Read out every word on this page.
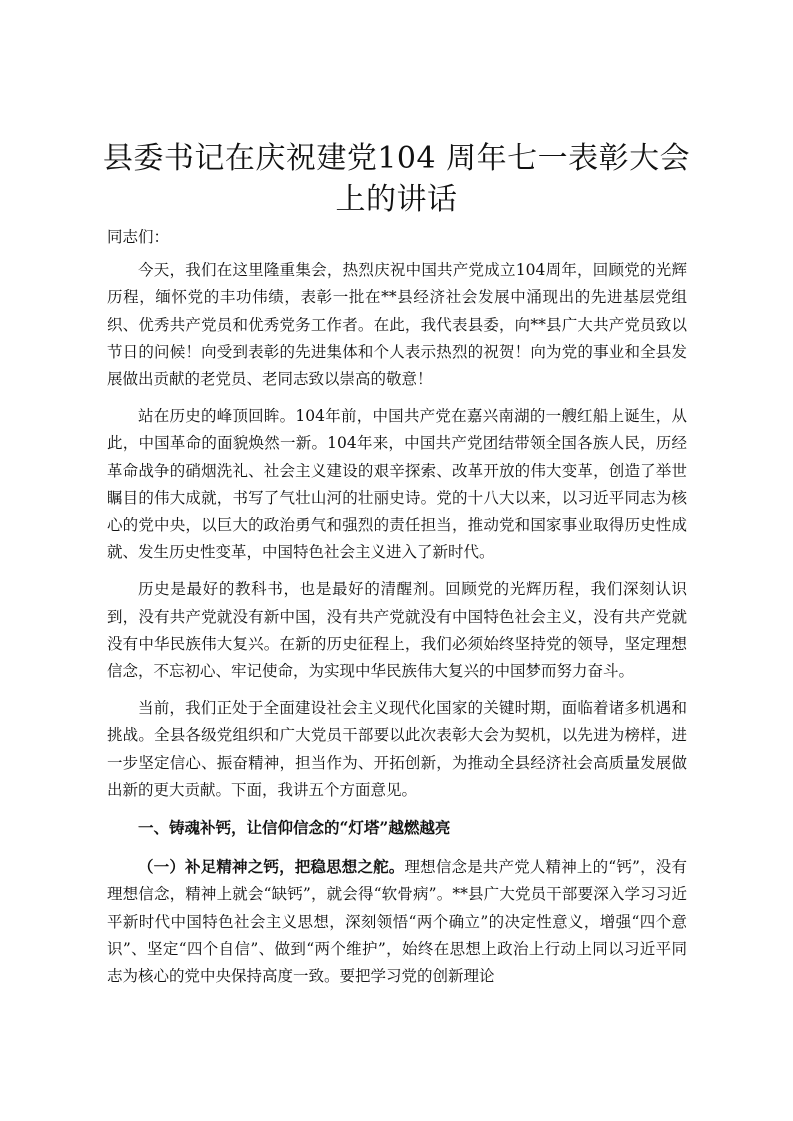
县委书记在庆祝建党104 周年七一表彰大会上的讲话

同志们：

今天，我们在这里隆重集会，热烈庆祝中国共产党成立104周年，回顾党的光辉历程，缅怀党的丰功伟绩，表彰一批在**县经济社会发展中涌现出的先进基层党组织、优秀共产党员和优秀党务工作者。在此，我代表县委，向**县广大共产党员致以节日的问候！向受到表彰的先进集体和个人表示热烈的祝贺！向为党的事业和全县发展做出贡献的老党员、老同志致以崇高的敬意！

站在历史的峰顶回眸。104年前，中国共产党在嘉兴南湖的一艘红船上诞生，从此，中国革命的面貌焕然一新。104年来，中国共产党团结带领全国各族人民，历经革命战争的硝烟洗礼、社会主义建设的艰辛探索、改革开放的伟大变革，创造了举世瞩目的伟大成就，书写了气壮山河的壮丽史诗。党的十八大以来，以习近平同志为核心的党中央，以巨大的政治勇气和强烈的责任担当，推动党和国家事业取得历史性成就、发生历史性变革，中国特色社会主义进入了新时代。

历史是最好的教科书，也是最好的清醒剂。回顾党的光辉历程，我们深刻认识到，没有共产党就没有新中国，没有共产党就没有中国特色社会主义，没有共产党就没有中华民族伟大复兴。在新的历史征程上，我们必须始终坚持党的领导，坚定理想信念，不忘初心、牢记使命，为实现中华民族伟大复兴的中国梦而努力奋斗。

当前，我们正处于全面建设社会主义现代化国家的关键时期，面临着诸多机遇和挑战。全县各级党组织和广大党员干部要以此次表彰大会为契机，以先进为榜样，进一步坚定信心、振奋精神，担当作为、开拓创新，为推动全县经济社会高质量发展做出新的更大贡献。下面，我讲五个方面意见。

一、铸魂补钙，让信仰信念的“灯塔”越燃越亮

（一）补足精神之钙，把稳思想之舵。理想信念是共产党人精神上的“钙”，没有理想信念，精神上就会“缺钙”，就会得“软骨病”。**县广大党员干部要深入学习习近平新时代中国特色社会主义思想，深刻领悟“两个确立”的决定性意义，增强“四个意识”、坚定“四个自信”、做到“两个维护”，始终在思想上政治上行动上同以习近平同志为核心的党中央保持高度一致。要把学习党的创新理论
